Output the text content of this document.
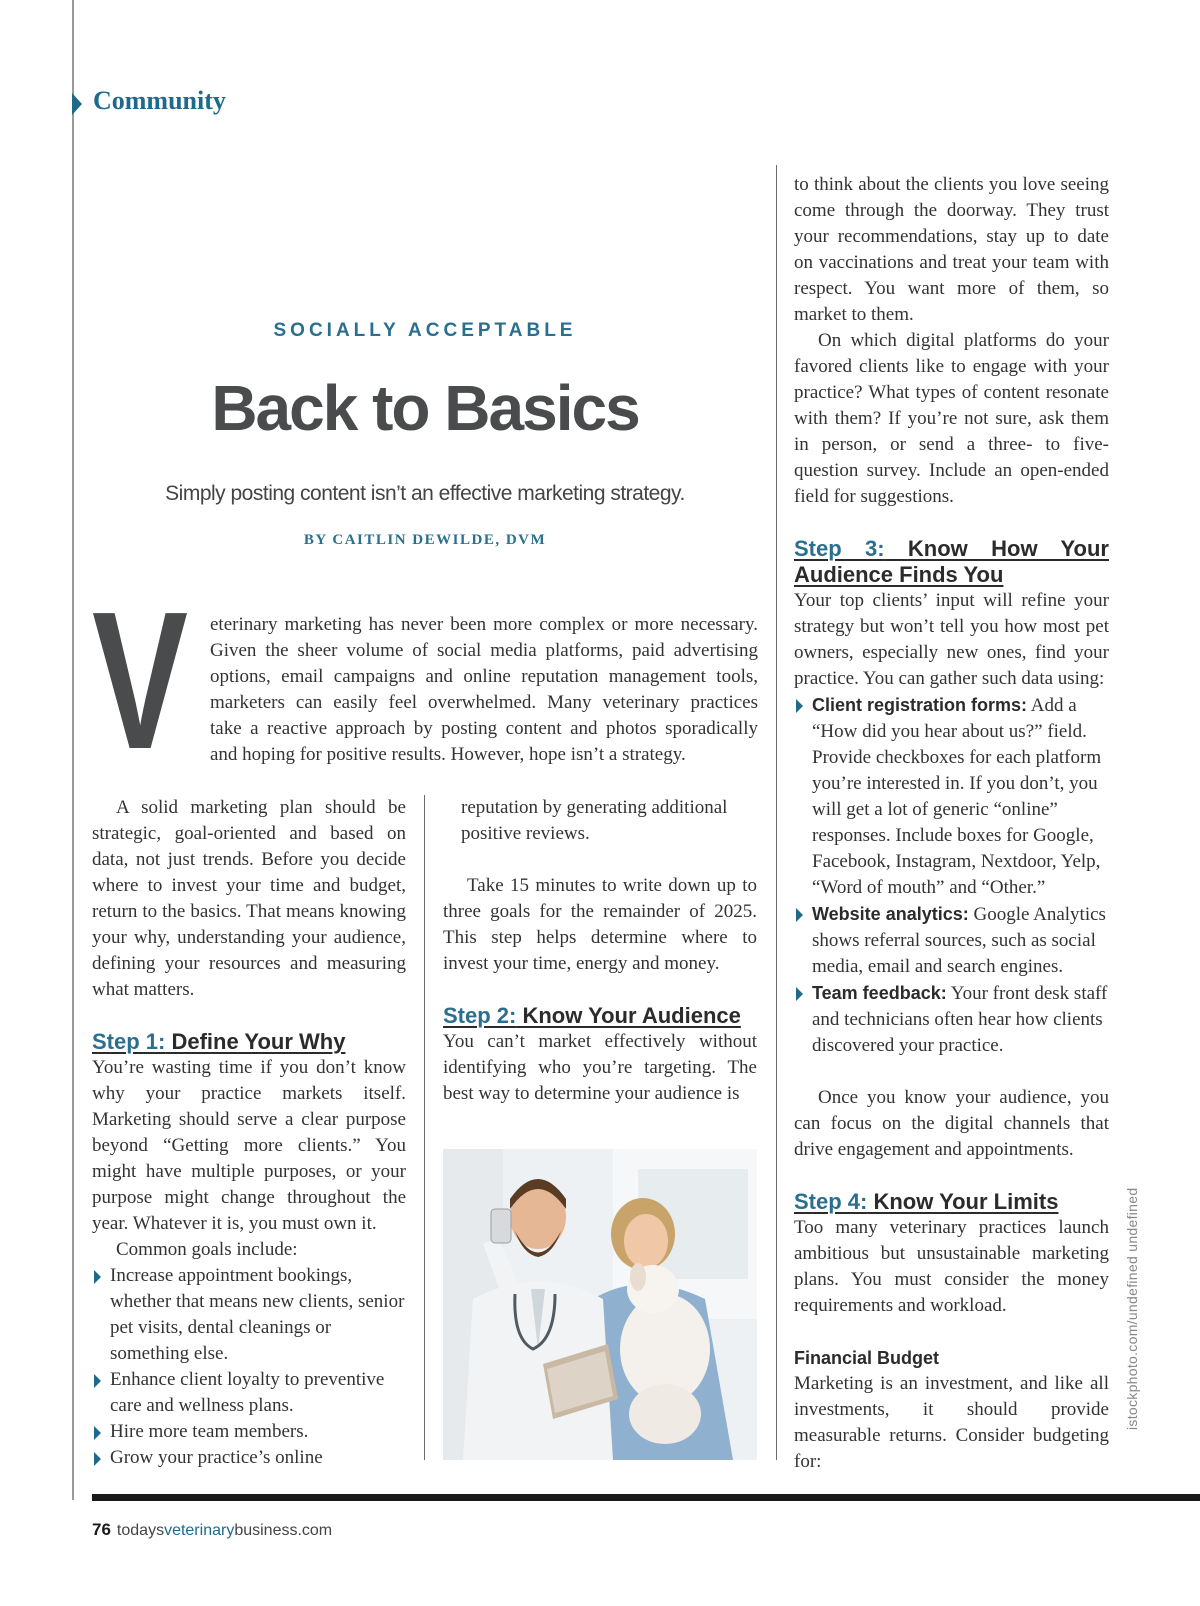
Community
SOCIALLY ACCEPTABLE
Back to Basics
Simply posting content isn’t an effective marketing strategy.
BY CAITLIN DEWILDE, DVM
V eterinary marketing has never been more complex or more necessary.
Given the sheer volume of social media platforms, paid advertising
options, email campaigns and online reputation management tools,
marketers can easily feel overwhelmed. Many veterinary practices
take a reactive approach by posting content and photos sporadically
and hoping for positive results. However, hope isn’t a strategy.

A solid marketing plan should be strategic, goal-oriented and based on data, not just trends. Before you decide where to invest your time and budget, return to the basics. That means knowing your why, understanding your audience, defining your resources and measuring what matters.

Step 1: Define Your Why

You’re wasting time if you don’t know why your practice markets itself. Marketing should serve a clear purpose beyond “Getting more clients.” You might have multiple purposes, or your purpose might change throughout the year. Whatever it is, you must own it.

Common goals include:

Increase appointment bookings, whether that means new clients, senior pet visits, dental cleanings or something else.
Enhance client loyalty to preventive care and wellness plans.
Hire more team members.
Grow your practice’s online

reputation by generating additional positive reviews.

Take 15 minutes to write down up to three goals for the remainder of 2025. This step helps determine where to invest your time, energy and money.

Step 2: Know Your Audience

You can’t market effectively without identifying who you’re targeting. The best way to determine your audience is

istockphoto.com/undefined undefined

to think about the clients you love seeing come through the doorway. They trust your recommendations, stay up to date on vaccinations and treat your team with respect. You want more of them, so market to them.

On which digital platforms do your favored clients like to engage with your practice? What types of content resonate with them? If you’re not sure, ask them in person, or send a three- to five-question survey. Include an open-ended field for suggestions.

Step 3: Know How Your Audience Finds You

Your top clients’ input will refine your strategy but won’t tell you how most pet owners, especially new ones, find your practice. You can gather such data using:

Client registration forms: Add a “How did you hear about us?” field. Provide checkboxes for each platform you’re interested in. If you don’t, you will get a lot of generic “online” responses. Include boxes for Google, Facebook, Instagram, Nextdoor, Yelp, “Word of mouth” and “Other.”
Website analytics: Google Analytics shows referral sources, such as social media, email and search engines.
Team feedback: Your front desk staff and technicians often hear how clients discovered your practice.

Once you know your audience, you can focus on the digital channels that drive engagement and appointments.

Step 4: Know Your Limits

Too many veterinary practices launch ambitious but unsustainable marketing plans. You must consider the money requirements and workload.

Financial Budget

Marketing is an investment, and like all investments, it should provide measurable returns. Consider budgeting for:

76 todaysveterinarybusiness.com
